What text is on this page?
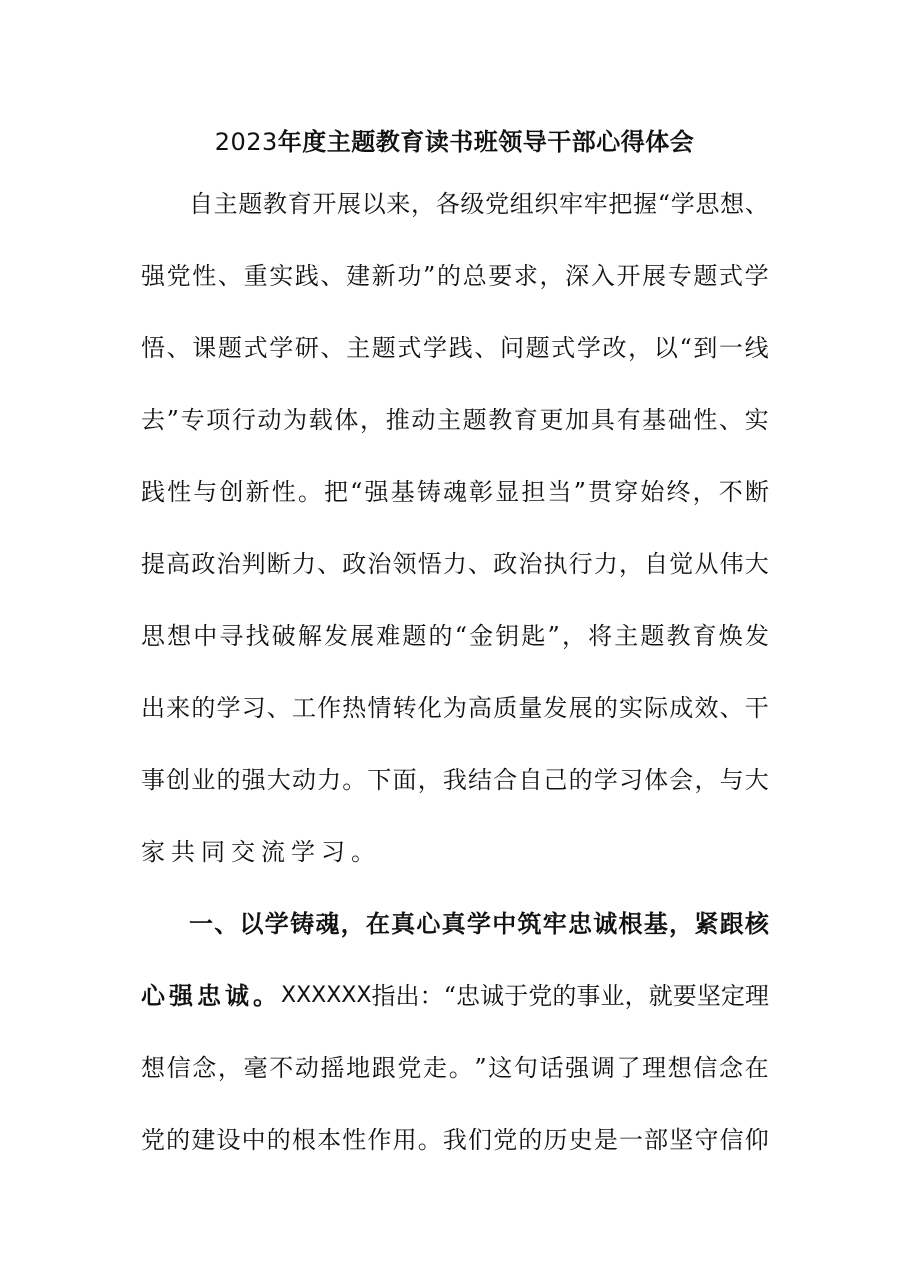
2023年度主题教育读书班领导干部心得体会
自 主 题 教 育 开 展 以 来 ， 各 级 党 组 织 牢 牢 把 握 “ 学 思 想 、
强 党 性 、 重 实 践 、 建 新 功 ” 的 总 要 求 ， 深 入 开 展 专 题 式 学
悟 、 课 题 式 学 研 、 主 题 式 学 践 、 问 题 式 学 改 ， 以 “ 到 一 线
去 ” 专 项 行 动 为 载 体 ， 推 动 主 题 教 育 更 加 具 有 基 础 性 、 实
践 性 与 创 新 性 。 把 “ 强 基 铸 魂 彰 显 担 当 ” 贯 穿 始 终 ， 不 断
提 高 政 治 判 断 力 、 政 治 领 悟 力 、 政 治 执 行 力 ， 自 觉 从 伟 大
思 想 中 寻 找 破 解 发 展 难 题 的 “ 金 钥 匙 ” ， 将 主 题 教 育 焕 发
出 来 的 学 习 、 工 作 热 情 转 化 为 高 质 量 发 展 的 实 际 成 效 、 干
事 创 业 的 强 大 动 力 。 下 面 ， 我 结 合 自 己 的 学 习 体 会 ， 与 大
家共同交流学习。
一 、 以 学 铸 魂 ， 在 真 心 真 学 中 筑 牢 忠 诚 根 基 ， 紧 跟 核
心强忠诚。 XXXXXX 指 出 ： “ 忠 诚 于 党 的 事 业 ， 就 要 坚 定 理
想 信 念 ， 毫 不 动 摇 地 跟 党 走 。 ” 这 句 话 强 调 了 理 想 信 念 在
党 的 建 设 中 的 根 本 性 作 用 。 我 们 党 的 历 史 是 一 部 坚 守 信 仰
